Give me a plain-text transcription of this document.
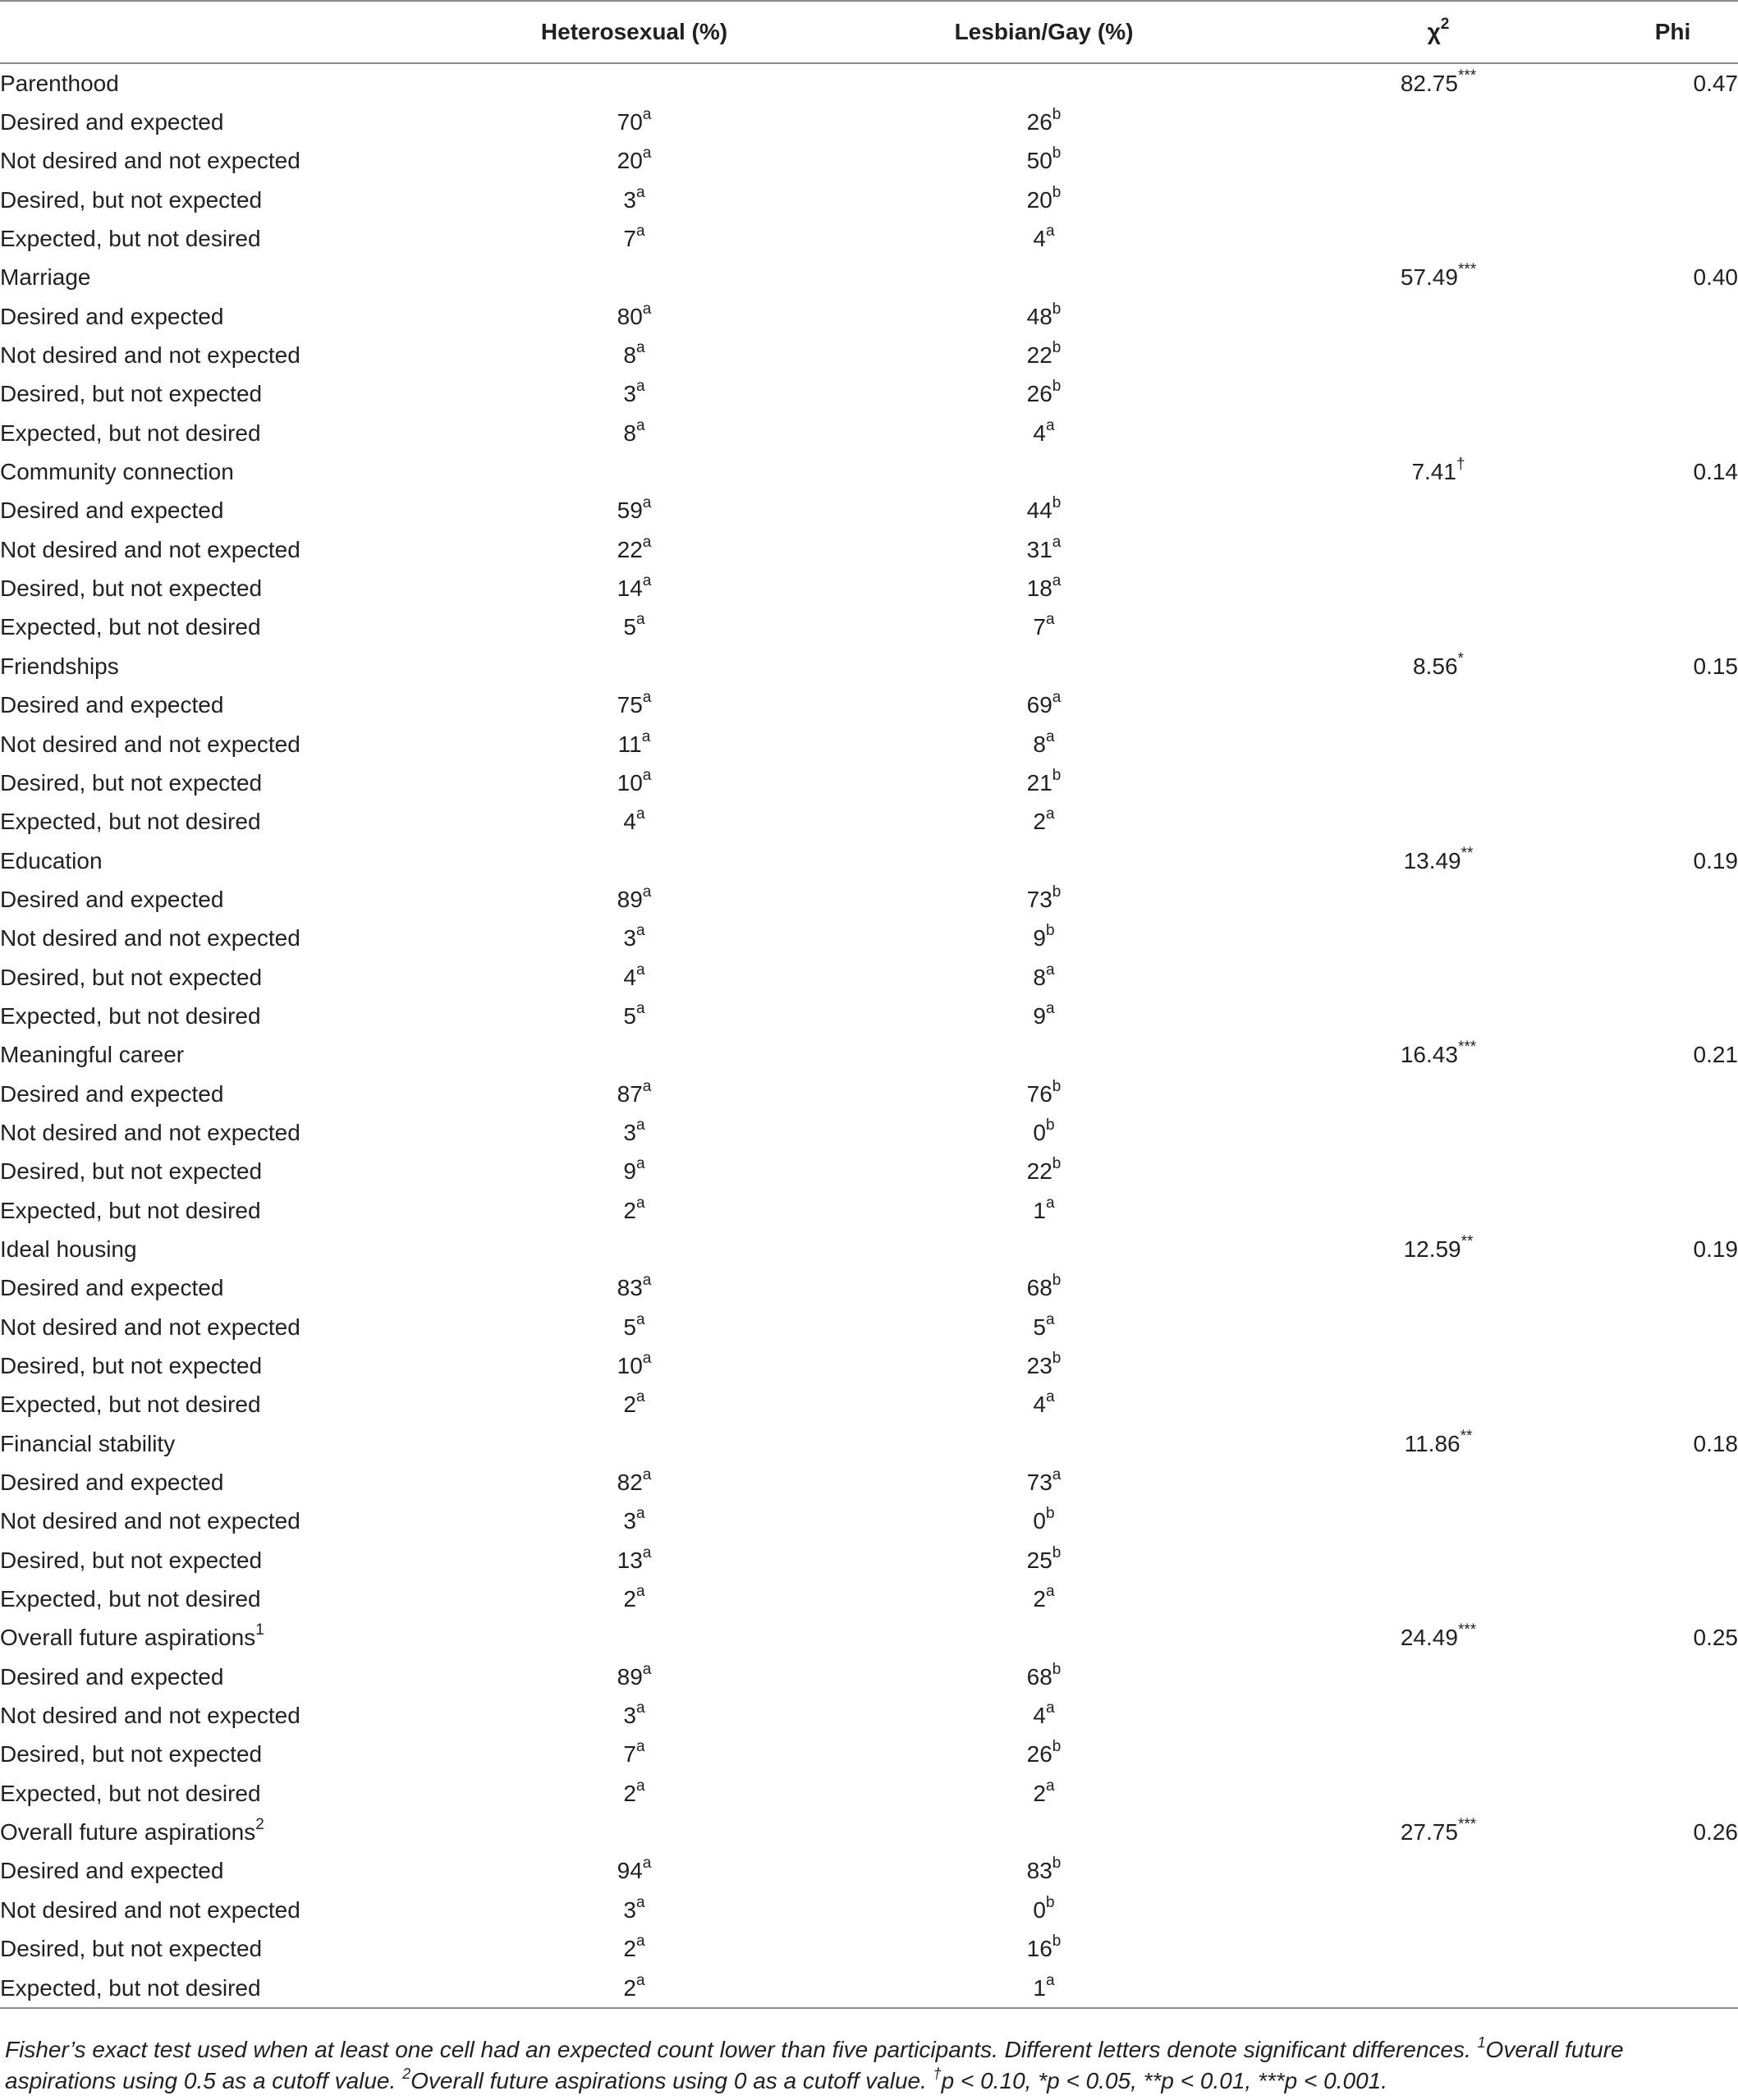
	Heterosexual (%)	Lesbian/Gay (%)	$\chi^2$	Phi
Parenthood			82.75***	0.47
Desired and expected	70$^a$	26$^b$		
Not desired and not expected	20$^a$	50$^b$		
Desired, but not expected	3$^a$	20$^b$		
Expected, but not desired	7$^a$	4$^a$		
Marriage			57.49***	0.40
Desired and expected	80$^a$	48$^b$		
Not desired and not expected	8$^a$	22$^b$		
Desired, but not expected	3$^a$	26$^b$		
Expected, but not desired	8$^a$	4$^a$		
Community connection			7.41†	0.14
Desired and expected	59$^a$	44$^b$		
Not desired and not expected	22$^a$	31$^a$		
Desired, but not expected	14$^a$	18$^a$		
Expected, but not desired	5$^a$	7$^a$		
Friendships			8.56*	0.15
Desired and expected	75$^a$	69$^a$		
Not desired and not expected	11$^a$	8$^a$		
Desired, but not expected	10$^a$	21$^b$		
Expected, but not desired	4$^a$	2$^a$		
Education			13.49**	0.19
Desired and expected	89$^a$	73$^b$		
Not desired and not expected	3$^a$	9$^b$		
Desired, but not expected	4$^a$	8$^a$		
Expected, but not desired	5$^a$	9$^a$		
Meaningful career			16.43***	0.21
Desired and expected	87$^a$	76$^b$		
Not desired and not expected	3$^a$	0$^b$		
Desired, but not expected	9$^a$	22$^b$		
Expected, but not desired	2$^a$	1$^a$		
Ideal housing			12.59**	0.19
Desired and expected	83$^a$	68$^b$		
Not desired and not expected	5$^a$	5$^a$		
Desired, but not expected	10$^a$	23$^b$		
Expected, but not desired	2$^a$	4$^a$		
Financial stability			11.86**	0.18
Desired and expected	82$^a$	73$^a$		
Not desired and not expected	3$^a$	0$^b$		
Desired, but not expected	13$^a$	25$^b$		
Expected, but not desired	2$^a$	2$^a$		
Overall future aspirations$^1$			24.49***	0.25
Desired and expected	89$^a$	68$^b$		
Not desired and not expected	3$^a$	4$^a$		
Desired, but not expected	7$^a$	26$^b$		
Expected, but not desired	2$^a$	2$^a$		
Overall future aspirations$^2$			27.75***	0.26
Desired and expected	94$^a$	83$^b$		
Not desired and not expected	3$^a$	0$^b$		
Desired, but not expected	2$^a$	16$^b$		
Expected, but not desired	2$^a$	1$^a$		
Fisher’s exact test used when at least one cell had an expected count lower than five participants. Different letters denote significant differences. $^1$Overall future aspirations using 0.5 as a cutoff value. $^2$Overall future aspirations using 0 as a cutoff value. †p < 0.10, *p < 0.05, **p < 0.01, ***p < 0.001.
